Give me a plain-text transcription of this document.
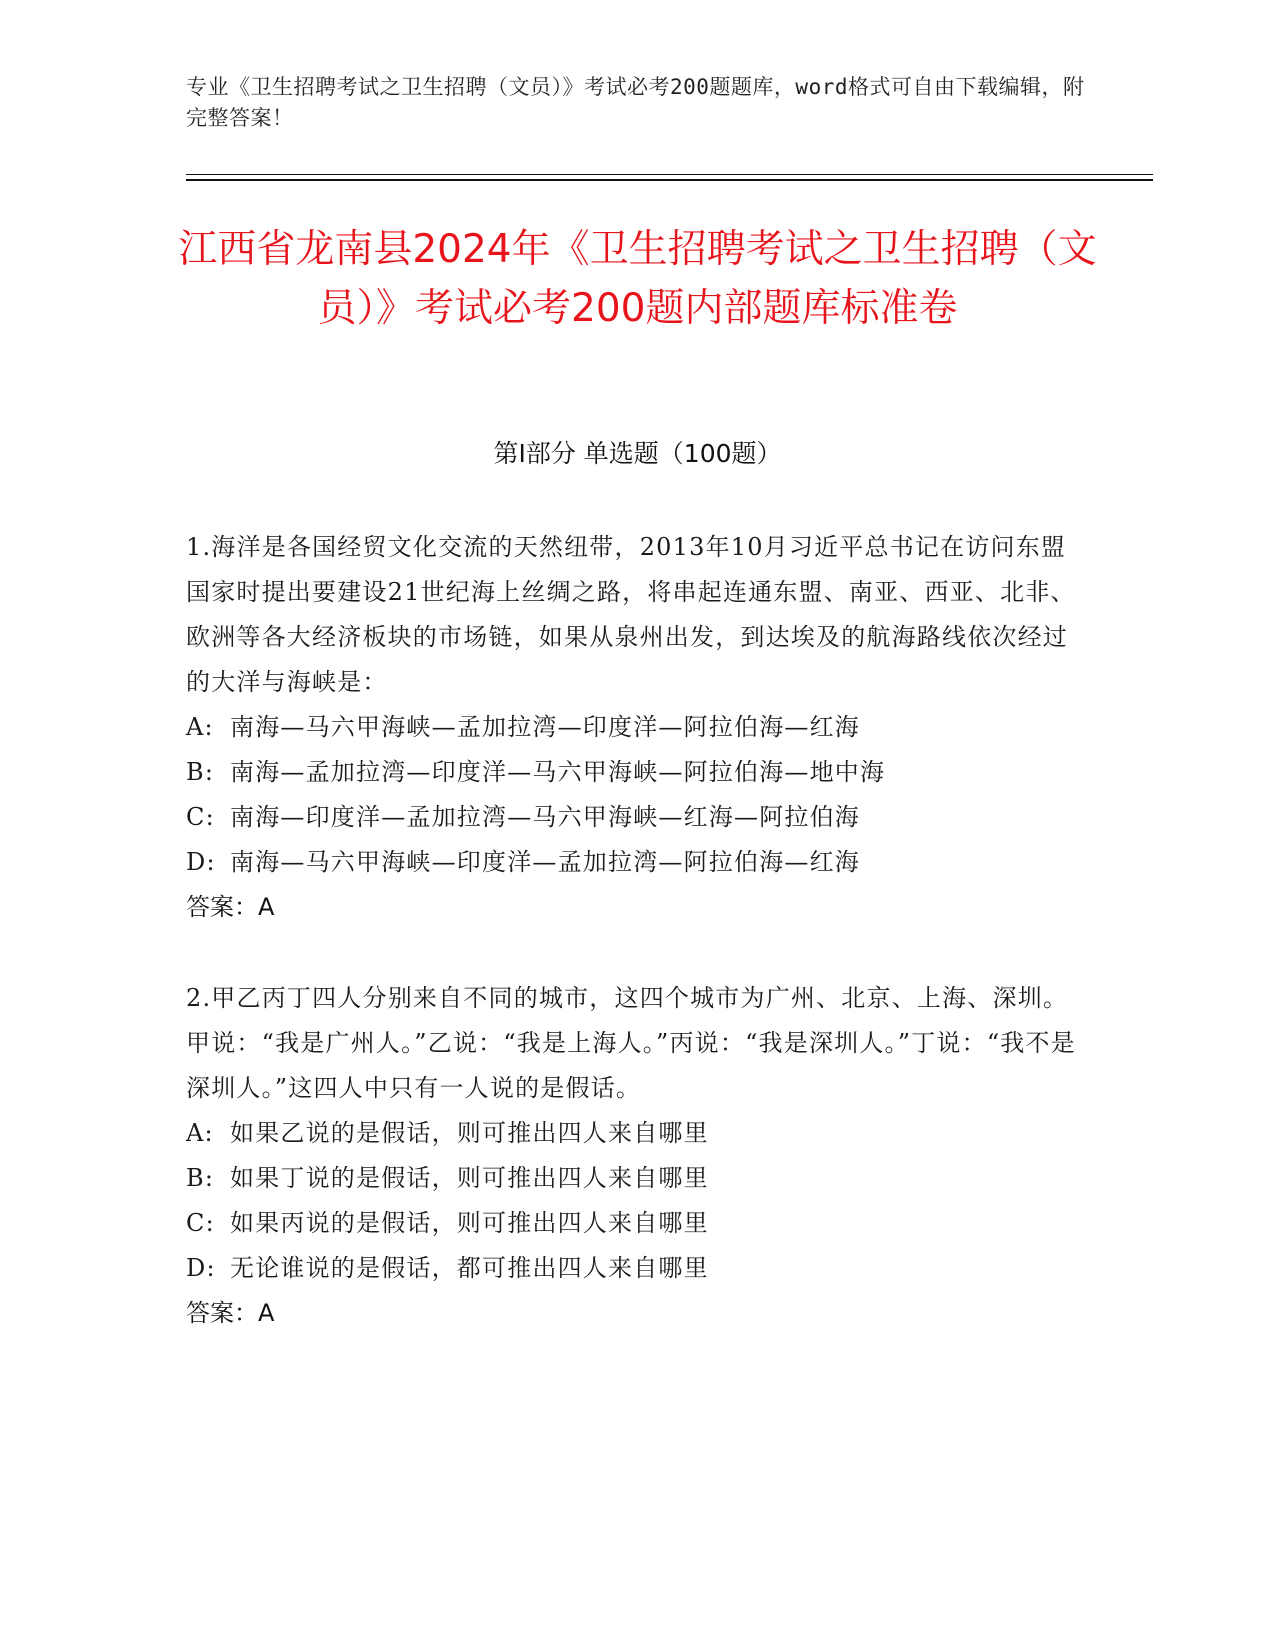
专业《卫生招聘考试之卫生招聘（文员）》考试必考200题题库，word格式可自由下载编辑，附完整答案！
江西省龙南县2024年《卫生招聘考试之卫生招聘（文员）》考试必考200题内部题库标准卷
第I部分 单选题（100题）

1.海洋是各国经贸文化交流的天然纽带，2013年10月习近平总书记在访问东盟国家时提出要建设21世纪海上丝绸之路，将串起连通东盟、南亚、西亚、北非、欧洲等各大经济板块的市场链，如果从泉州出发，到达埃及的航海路线依次经过的大洋与海峡是：

A: 南海—马六甲海峡—孟加拉湾—印度洋—阿拉伯海—红海
B: 南海—孟加拉湾—印度洋—马六甲海峡—阿拉伯海—地中海
C: 南海—印度洋—孟加拉湾—马六甲海峡—红海—阿拉伯海
D: 南海—马六甲海峡—印度洋—孟加拉湾—阿拉伯海—红海
答案：A

2.甲乙丙丁四人分别来自不同的城市，这四个城市为广州、北京、上海、深圳。甲说：“我是广州人。”乙说：“我是上海人。”丙说：“我是深圳人。”丁说：“我不是深圳人。”这四人中只有一人说的是假话。

A: 如果乙说的是假话，则可推出四人来自哪里
B: 如果丁说的是假话，则可推出四人来自哪里
C: 如果丙说的是假话，则可推出四人来自哪里
D: 无论谁说的是假话，都可推出四人来自哪里
答案：A
